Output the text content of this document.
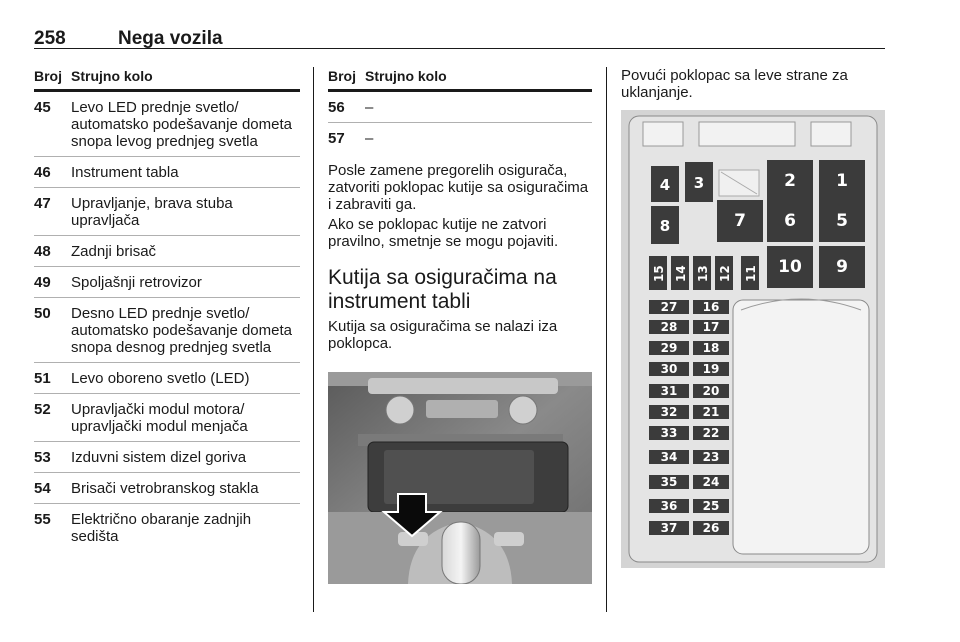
258	Nega vozila
Broj Strujno kolo
45 Levo LED prednje svetlo/ automatsko podešavanje dometa snopa levog prednjeg svetla
46 Instrument tabla
47 Upravljanje, brava stuba upravljača
48 Zadnji brisač
49 Spoljašnji retrovizor
50 Desno LED prednje svetlo/ automatsko podešavanje dometa snopa desnog prednjeg svetla
51 Levo oboreno svetlo (LED)
52 Upravljački modul motora/ upravljački modul menjača
53 Izduvni sistem dizel goriva
54 Brisači vetrobranskog stakla
55 Električno obaranje zadnjih sedišta
Broj Strujno kolo
56 –
57 –

Posle zamene pregorelih osigurača, zatvoriti poklopac kutije sa osiguračima i zabraviti ga.

Ako se poklopac kutije ne zatvori pravilno, smetnje se mogu pojaviti.

Kutija sa osiguračima na instrument tabli

Kutija sa osiguračima se nalazi iza poklopca.

Povući poklopac sa leve strane za uklanjanje.

4 3	2 1
8	7 6 5
15 14 13 12 11 10 9
27 16
28 17
29 18
30 19
31 20
32 21
33 22
34 23
35 24
36 25
37 26
